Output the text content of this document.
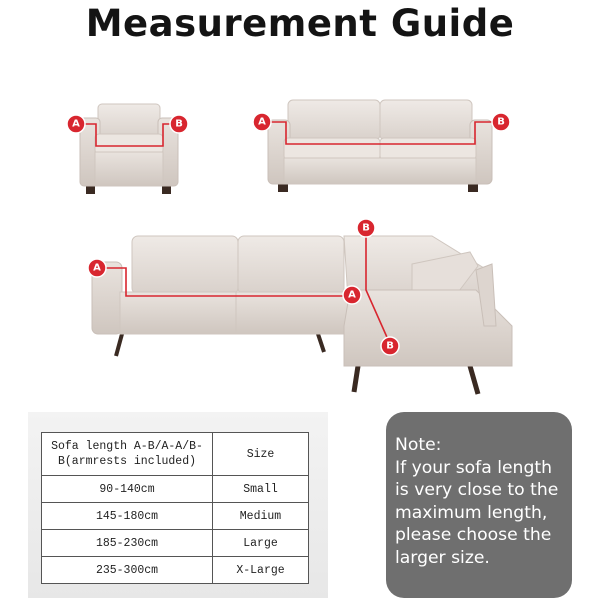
Measurement Guide
A	B	A	B
A
A
B
B
Sofa length A-B/A-A/B-B(armrests included)	Size
90-140cm	Small
145-180cm	Medium
185-230cm	Large
235-300cm	X-Large
Note:
If your sofa length
is very close to the
maximum length,
please choose the
larger size.
